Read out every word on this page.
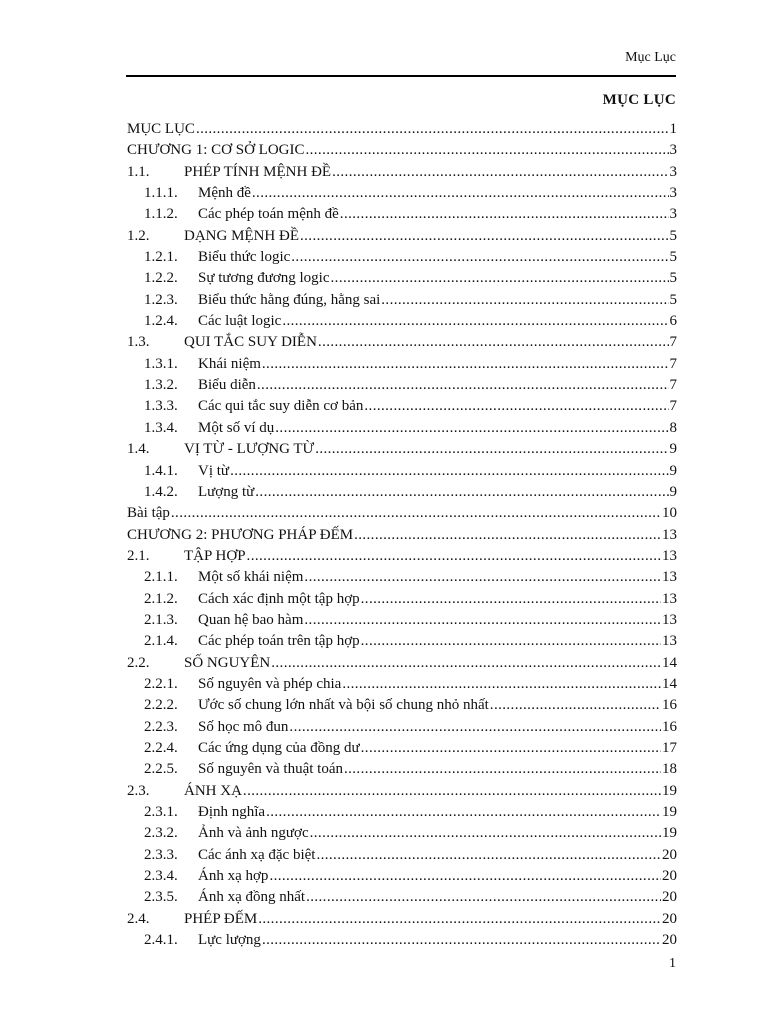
Mục Lục
MỤC LỤC
MỤC LỤC .....	1
CHƯƠNG 1: CƠ SỞ LOGIC .....	3
1.1.	PHÉP TÍNH MỆNH ĐỀ .....	3
1.1.1.	Mệnh đề .....	3
1.1.2.	Các phép toán mệnh đề .....	3
1.2.	DẠNG MỆNH ĐỀ .....	5
1.2.1.	Biểu thức logic .....	5
1.2.2.	Sự tương đương logic .....	5
1.2.3.	Biểu thức hằng đúng, hằng sai .....	5
1.2.4.	Các luật logic .....	6
1.3.	QUI TẮC SUY DIỄN .....	7
1.3.1.	Khái niệm .....	7
1.3.2.	Biểu diễn .....	7
1.3.3.	Các qui tắc suy diễn cơ bản .....	7
1.3.4.	Một số ví dụ .....	8
1.4.	VỊ TỪ - LƯỢNG TỪ .....	9
1.4.1.	Vị từ .....	9
1.4.2.	Lượng từ .....	9
Bài tập .....	10
CHƯƠNG 2: PHƯƠNG PHÁP ĐẾM .....	13
2.1.	TẬP HỢP .....	13
2.1.1.	Một số khái niệm .....	13
2.1.2.	Cách xác định một tập hợp .....	13
2.1.3.	Quan hệ bao hàm .....	13
2.1.4.	Các phép toán trên tập hợp .....	13
2.2.	SỐ NGUYÊN .....	14
2.2.1.	Số nguyên và phép chia .....	14
2.2.2.	Ước số chung lớn nhất và bội số chung nhỏ nhất .....	16
2.2.3.	Số học mô đun .....	16
2.2.4.	Các ứng dụng của đồng dư .....	17
2.2.5.	Số nguyên và thuật toán .....	18
2.3.	ÁNH XẠ .....	19
2.3.1.	Định nghĩa .....	19
2.3.2.	Ảnh và ảnh ngược .....	19
2.3.3.	Các ánh xạ đặc biệt .....	20
2.3.4.	Ánh xạ hợp .....	20
2.3.5.	Ánh xạ đồng nhất .....	20
2.4.	PHÉP ĐẾM .....	20
2.4.1.	Lực lượng .....	20
1
